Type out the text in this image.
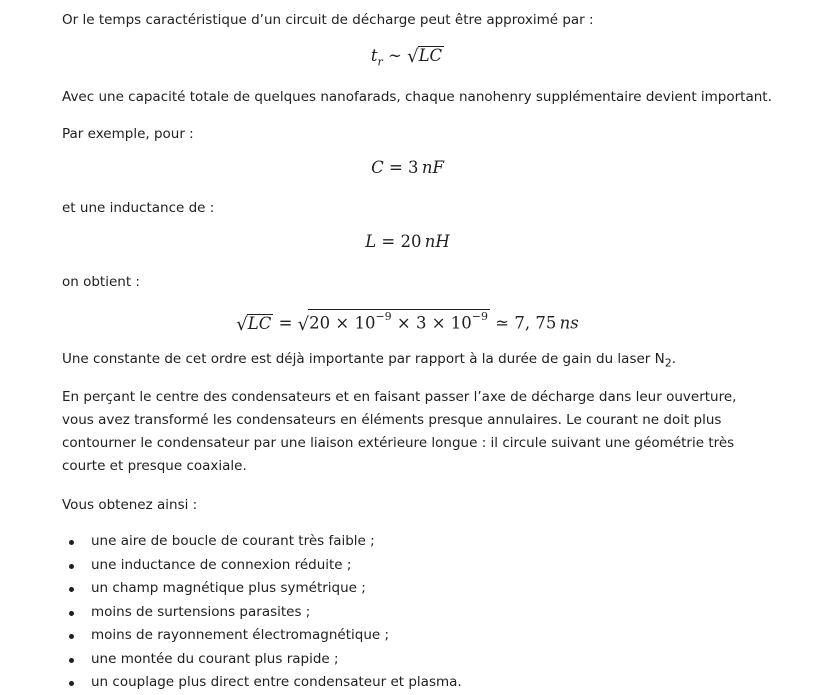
Or le temps caractéristique d’un circuit de décharge peut être approximé par :

$t_r$ ∼ √LC

Avec une capacité totale de quelques nanofarads, chaque nanohenry supplémentaire devient important.

Par exemple, pour :

C = 3  nF

et une inductance de :

L = 20  nH

on obtient :

$√LC = √20 \times 10^{-9} \times 3 \times 10^{-9}$ ≃ 7, 75  ns

Une constante de cet ordre est déjà importante par rapport à la durée de gain du laser $N_2$.

En perçant le centre des condensateurs et en faisant passer l’axe de décharge dans leur ouverture, vous avez transformé les condensateurs en éléments presque annulaires. Le courant ne doit plus contourner le condensateur par une liaison extérieure longue : il circule suivant une géométrie très courte et presque coaxiale.

Vous obtenez ainsi :

une aire de boucle de courant très faible ;
une inductance de connexion réduite ;
un champ magnétique plus symétrique ;
moins de surtensions parasites ;
moins de rayonnement électromagnétique ;
une montée du courant plus rapide ;
un couplage plus direct entre condensateur et plasma.
